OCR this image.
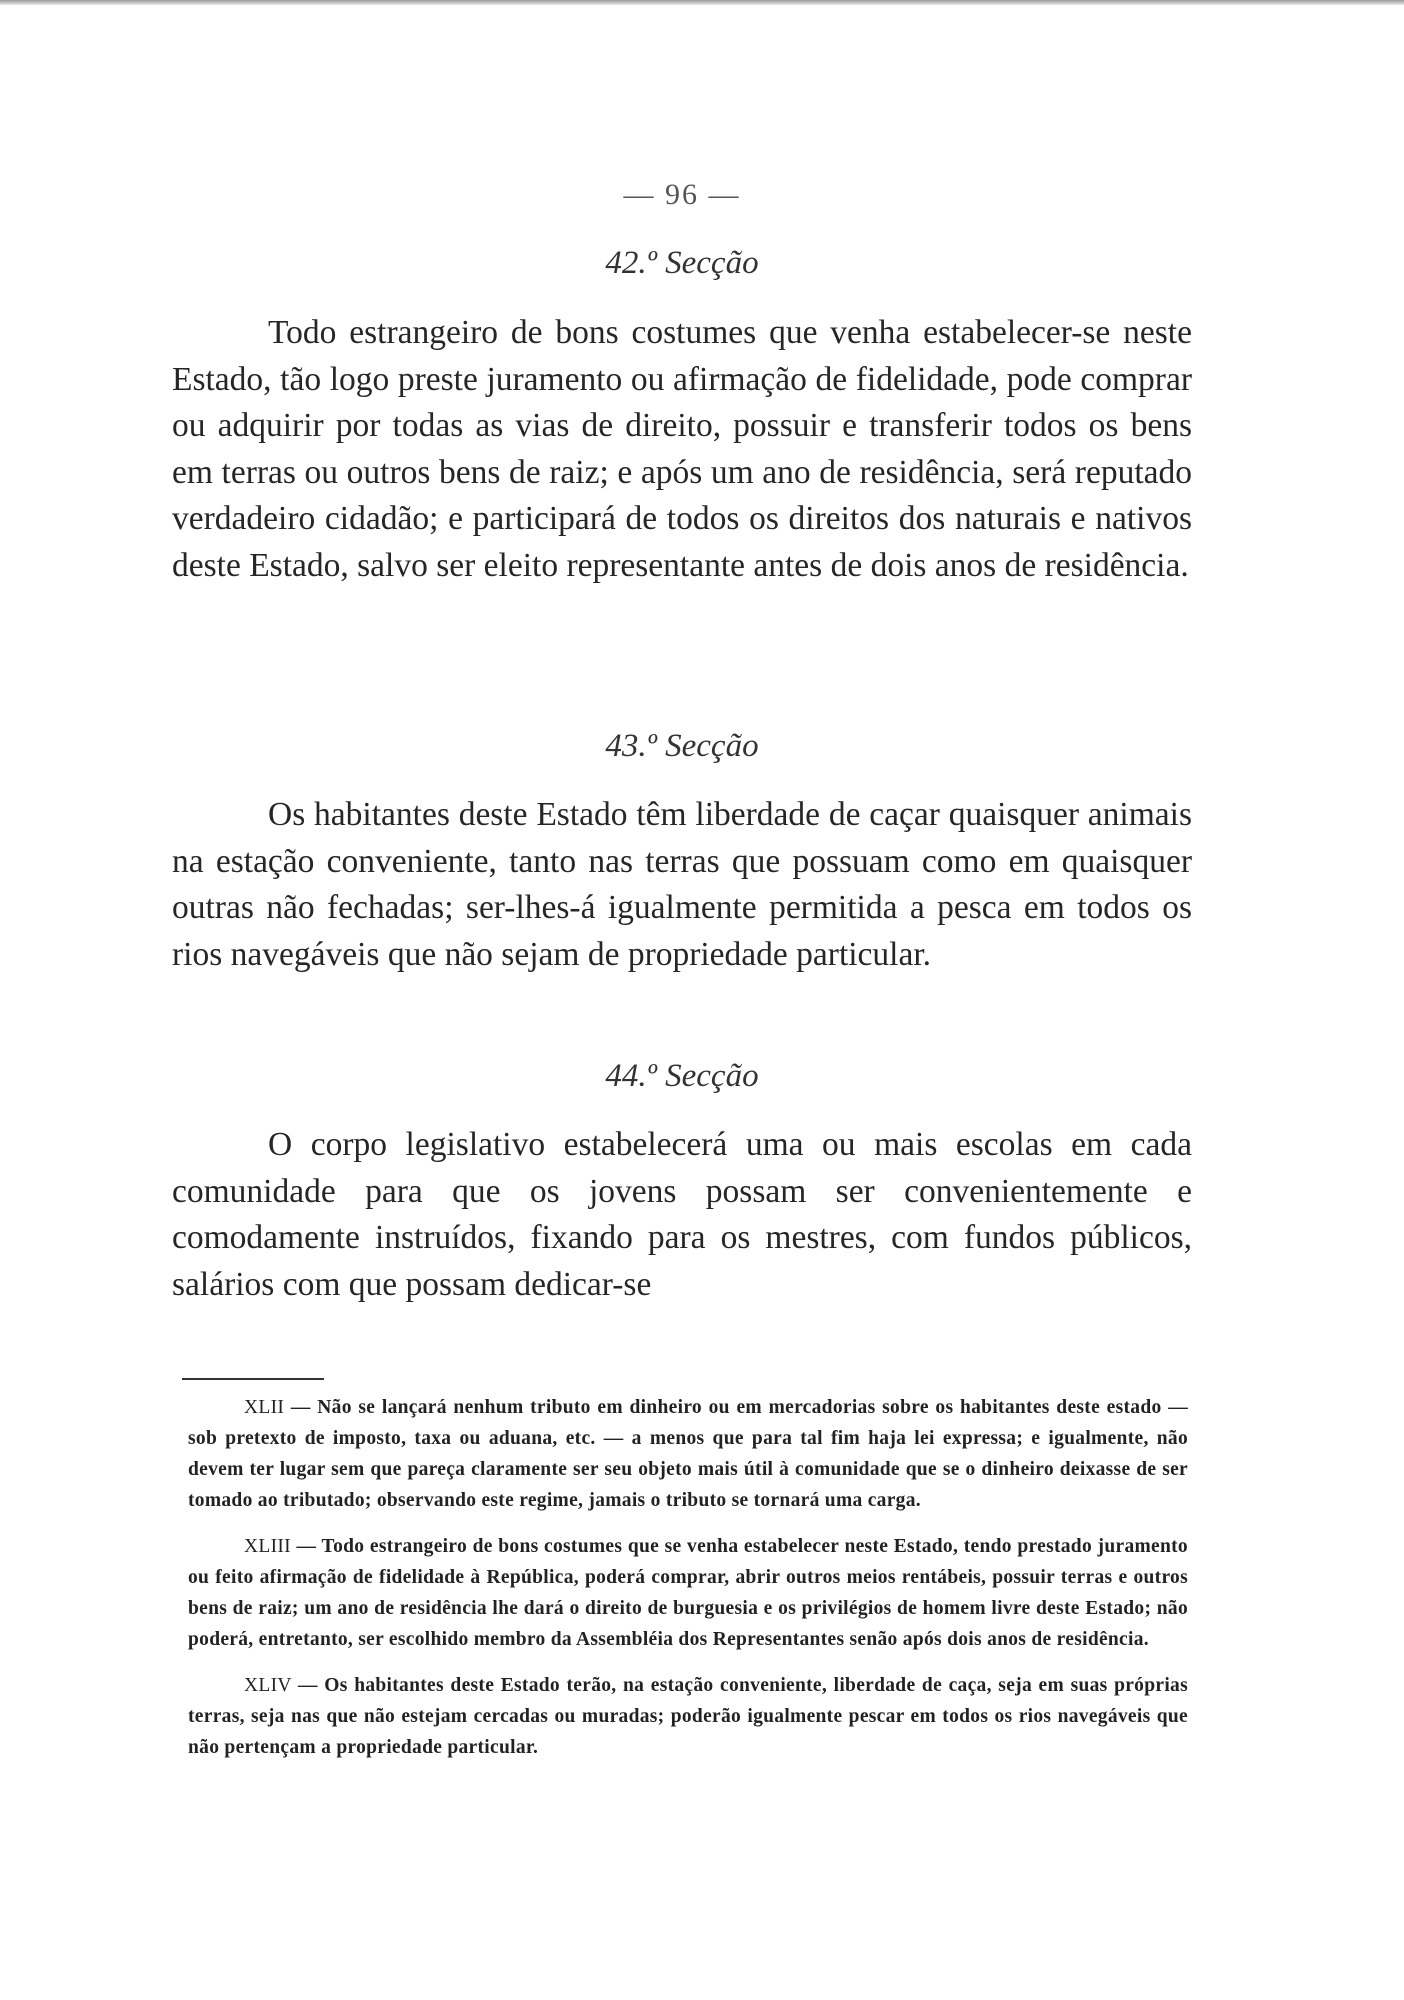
— 96 —
42.º Secção

Todo estrangeiro de bons costumes que venha estabelecer-se neste Estado, tão logo preste juramento ou afirmação de fidelidade, pode comprar ou adquirir por todas as vias de direito, possuir e transferir todos os bens em terras ou outros bens de raiz; e após um ano de residência, será reputado verdadeiro cidadão; e participará de todos os direitos dos naturais e nativos deste Estado, salvo ser eleito representante antes de dois anos de residência.

43.º Secção

Os habitantes deste Estado têm liberdade de caçar quaisquer animais na estação conveniente, tanto nas terras que possuam como em quaisquer outras não fechadas; ser-lhes-á igualmente permitida a pesca em todos os rios navegáveis que não sejam de propriedade particular.

44.º Secção

O corpo legislativo estabelecerá uma ou mais escolas em cada comunidade para que os jovens possam ser convenientemente e comodamente instruídos, fixando para os mestres, com fundos públicos, salários com que possam dedicar-se

XLII — Não se lançará nenhum tributo em dinheiro ou em mercadorias sobre os habitantes deste estado — sob pretexto de imposto, taxa ou aduana, etc. — a menos que para tal fim haja lei expressa; e igualmente, não devem ter lugar sem que pareça claramente ser seu objeto mais útil à comunidade que se o dinheiro deixasse de ser tomado ao tributado; observando este regime, jamais o tributo se tornará uma carga.

XLIII — Todo estrangeiro de bons costumes que se venha estabelecer neste Estado, tendo prestado juramento ou feito afirmação de fidelidade à República, poderá comprar, abrir outros meios rentábeis, possuir terras e outros bens de raiz; um ano de residência lhe dará o direito de burguesia e os privilégios de homem livre deste Estado; não poderá, entretanto, ser escolhido membro da Assembléia dos Representantes senão após dois anos de residência.

XLIV — Os habitantes deste Estado terão, na estação conveniente, liberdade de caça, seja em suas próprias terras, seja nas que não estejam cercadas ou muradas; poderão igualmente pescar em todos os rios navegáveis que não pertençam a propriedade particular.
